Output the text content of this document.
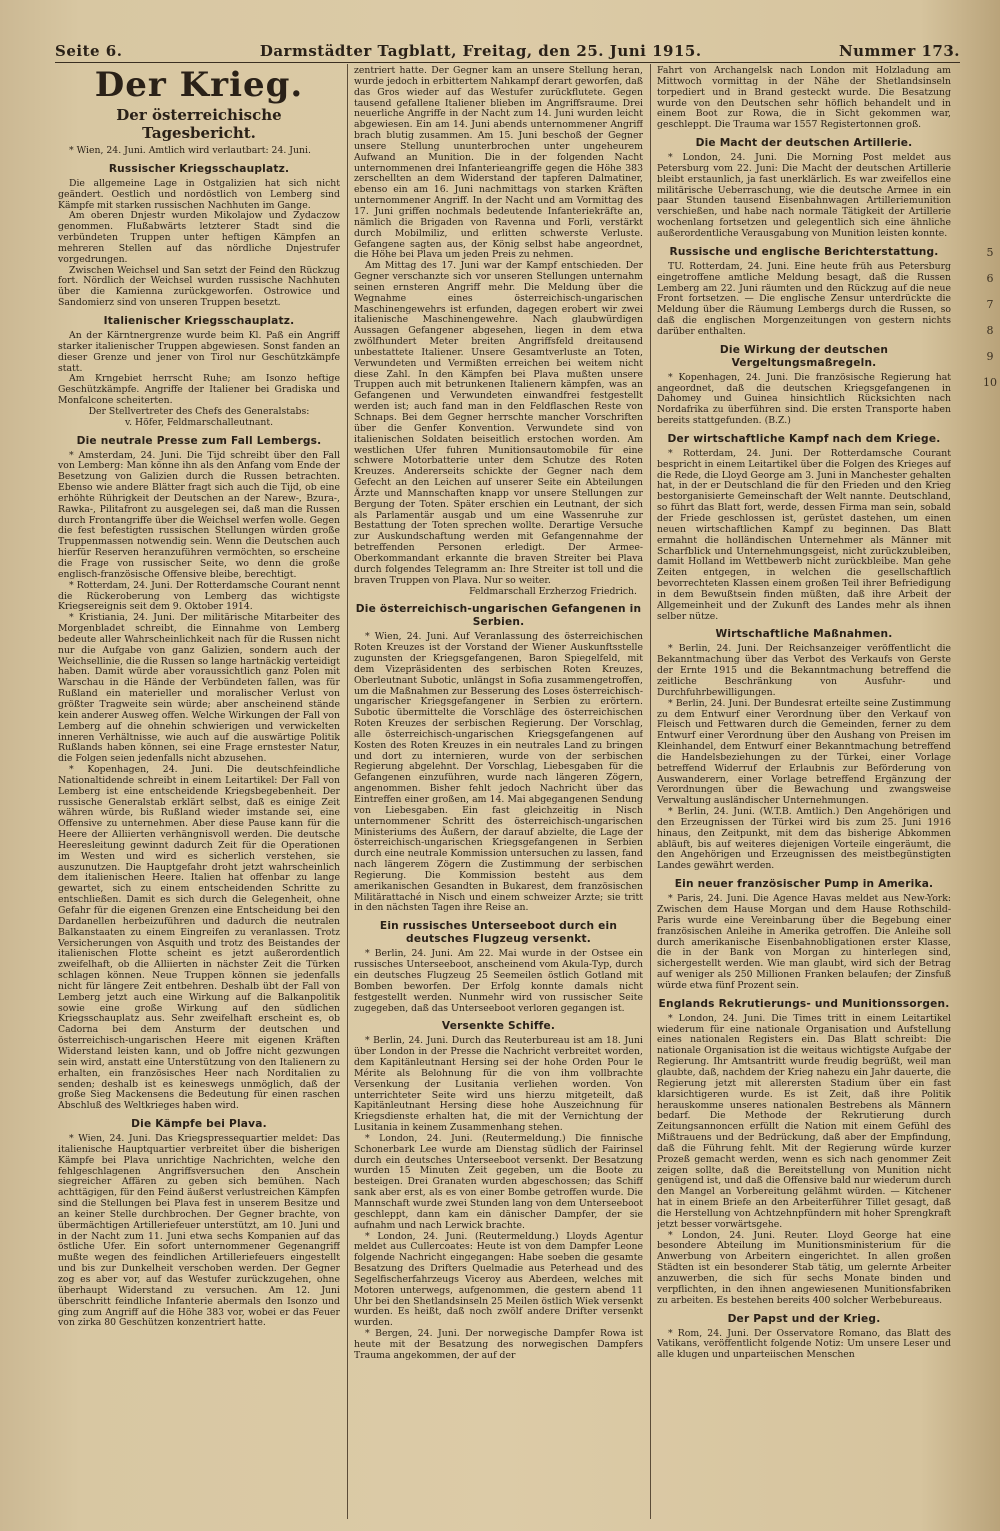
Seite 6.	Darmstädter Tagblatt, Freitag, den 25. Juni 1915.	Nummer 173.
Der Krieg.
Der österreichische Tagesbericht.

* Wien, 24. Juni. Amtlich wird verlautbart: 24. Juni.

Russischer Kriegsschauplatz.

Die allgemeine Lage in Ostgalizien hat sich nicht geändert. Oestlich und nordöstlich von Lemberg sind Kämpfe mit starken russischen Nachhuten im Gange.

Am oberen Dnjestr wurden Mikolajow und Zydaczow genommen. Flußabwärts letzterer Stadt sind die verbündeten Truppen unter heftigen Kämpfen an mehreren Stellen auf das nördliche Dnjestrufer vorgedrungen.

Zwischen Weichsel und San setzt der Feind den Rückzug fort. Nördlich der Weichsel wurden russische Nachhuten über die Kamienna zurückgeworfen. Ostrowice und Sandomierz sind von unseren Truppen besetzt.

Italienischer Kriegsschauplatz.

An der Kärntnergrenze wurde beim Kl. Paß ein Angriff starker italienischer Truppen abgewiesen. Sonst fanden an dieser Grenze und jener von Tirol nur Geschützkämpfe statt.

Am Krngebiet herrscht Ruhe; am Isonzo heftige Geschützkämpfe. Angriffe der Italiener bei Gradiska und Monfalcone scheiterten.

Der Stellvertreter des Chefs des Generalstabs:

v. Höfer, Feldmarschalleutnant.

Die neutrale Presse zum Fall Lembergs.

* Amsterdam, 24. Juni. Die Tijd schreibt über den Fall von Lemberg: Man könne ihn als den Anfang vom Ende der Besetzung von Galizien durch die Russen betrachten. Ebenso wie andere Blätter fragt sich auch die Tijd, ob eine erhöhte Rührigkeit der Deutschen an der Narew-, Bzura-, Rawka-, Pilitafront zu ausgelegen sei, daß man die Russen durch Frontangriffe über die Weichsel werfen wolle. Gegen die fest befestigten russischen Stellungen würden große Truppenmassen notwendig sein. Wenn die Deutschen auch hierfür Reserven heranzuführen vermöchten, so erscheine die Frage von russischer Seite, wo denn die große englisch-französische Offensive bleibe, berechtigt.

* Rotterdam, 24. Juni. Der Rotterdamsche Courant nennt die Rückeroberung von Lemberg das wichtigste Kriegsereignis seit dem 9. Oktober 1914.

* Kristiania, 24. Juni. Der militärische Mitarbeiter des Morgenbladet schreibt, die Einnahme von Lemberg bedeute aller Wahrscheinlichkeit nach für die Russen nicht nur die Aufgabe von ganz Galizien, sondern auch der Weichsellinie, die die Russen so lange hartnäckig verteidigt haben. Damit würde aber voraussichtlich ganz Polen mit Warschau in die Hände der Verbündeten fallen, was für Rußland ein materieller und moralischer Verlust von größter Tragweite sein würde; aber anscheinend stände kein anderer Ausweg offen. Welche Wirkungen der Fall von Lemberg auf die ohnehin schwierigen und verwickelten inneren Verhältnisse, wie auch auf die auswärtige Politik Rußlands haben können, sei eine Frage ernstester Natur, die Folgen seien jedenfalls nicht abzusehen.

* Kopenhagen, 24. Juni. Die deutschfeindliche Nationaltidende schreibt in einem Leitartikel: Der Fall von Lemberg ist eine entscheidende Kriegsbegebenheit. Der russische Generalstab erklärt selbst, daß es einige Zeit währen würde, bis Rußland wieder imstande sei, eine Offensive zu unternehmen. Aber diese Pause kann für die Heere der Alliierten verhängnisvoll werden. Die deutsche Heeresleitung gewinnt dadurch Zeit für die Operationen im Westen und wird es sicherlich verstehen, sie auszunutzen. Die Hauptgefahr droht jetzt wahrscheinlich dem italienischen Heere. Italien hat offenbar zu lange gewartet, sich zu einem entscheidenden Schritte zu entschließen. Damit es sich durch die Gelegenheit, ohne Gefahr für die eigenen Grenzen eine Entscheidung bei den Dardanellen herbeizuführen und dadurch die neutralen Balkanstaaten zu einem Eingreifen zu veranlassen. Trotz Versicherungen von Asquith und trotz des Beistandes der italienischen Flotte scheint es jetzt außerordentlich zweifelhaft, ob die Alliierten in nächster Zeit die Türken schlagen können. Neue Truppen können sie jedenfalls nicht für längere Zeit entbehren. Deshalb übt der Fall von Lemberg jetzt auch eine Wirkung auf die Balkanpolitik sowie eine große Wirkung auf den südlichen Kriegsschauplatz aus. Sehr zweifelhaft erscheint es, ob Cadorna bei dem Ansturm der deutschen und österreichisch-ungarischen Heere mit eigenen Kräften Widerstand leisten kann, und ob Joffre nicht gezwungen sein wird, anstatt eine Unterstützung von den Italienern zu erhalten, ein französisches Heer nach Norditalien zu senden; deshalb ist es keineswegs unmöglich, daß der große Sieg Mackensens die Bedeutung für einen raschen Abschluß des Weltkrieges haben wird.

Die Kämpfe bei Plava.

* Wien, 24. Juni. Das Kriegspressequartier meldet: Das italienische Hauptquartier verbreitet über die bisherigen Kämpfe bei Plava unrichtige Nachrichten, welche den fehlgeschlagenen Angriffsversuchen den Anschein siegreicher Affären zu geben sich bemühen. Nach achttägigen, für den Feind äußerst verlustreichen Kämpfen sind die Stellungen bei Plava fest in unserem Besitze und an keiner Stelle durchbrochen. Der Gegner brachte, von übermächtigen Artilleriefeuer unterstützt, am 10. Juni und in der Nacht zum 11. Juni etwa sechs Kompanien auf das östliche Ufer. Ein sofort unternommener Gegenangriff mußte wegen des feindlichen Artilleriefeuers eingestellt und bis zur Dunkelheit verschoben werden. Der Gegner zog es aber vor, auf das Westufer zurückzugehen, ohne überhaupt Widerstand zu versuchen. Am 12. Juni überschritt feindliche Infanterie abermals den Isonzo und ging zum Angriff auf die Höhe 383 vor, wobei er das Feuer von zirka 80 Geschützen konzentriert hatte.

zentriert hatte. Der Gegner kam an unsere Stellung heran, wurde jedoch in erbittertem Nahkampf derart geworfen, daß das Gros wieder auf das Westufer zurückflutete. Gegen tausend gefallene Italiener blieben im Angriffsraume. Drei neuerliche Angriffe in der Nacht zum 14. Juni wurden leicht abgewiesen. Ein am 14. Juni abends unternommener Angriff brach blutig zusammen. Am 15. Juni beschoß der Gegner unsere Stellung ununterbrochen unter ungeheurem Aufwand an Munition. Die in der folgenden Nacht unternommenen drei Infanterieangriffe gegen die Höhe 383 zerschellten an dem Widerstand der tapferen Dalmatiner, ebenso ein am 16. Juni nachmittags von starken Kräften unternommener Angriff. In der Nacht und am Vormittag des 17. Juni griffen nochmals bedeutende Infanteriekräfte an, nämlich die Brigaden von Ravenna und Forli, verstärkt durch Mobilmiliz, und erlitten schwerste Verluste. Gefangene sagten aus, der König selbst habe angeordnet, die Höhe bei Plava um jeden Preis zu nehmen.

Am Mittag des 17. Juni war der Kampf entschieden. Der Gegner verschanzte sich vor unseren Stellungen unternahm seinen ernsteren Angriff mehr. Die Meldung über die Wegnahme eines österreichisch-ungarischen Maschinengewehrs ist erfunden, dagegen erobert wir zwei italienische Maschinengewehre. Nach glaubwürdigen Aussagen Gefangener abgesehen, liegen in dem etwa zwölfhundert Meter breiten Angriffsfeld dreitausend unbestattete Italiener. Unsere Gesamtverluste an Toten, Verwundeten und Vermißten erreichen bei weitem nicht diese Zahl. In den Kämpfen bei Plava mußten unsere Truppen auch mit betrunkenen Italienern kämpfen, was an Gefangenen und Verwundeten einwandfrei festgestellt werden ist; auch fand man in den Feldflaschen Reste von Schnaps. Bei dem Gegner herrschte mancher Vorschriften über die Genfer Konvention. Verwundete sind von italienischen Soldaten beiseitlich erstochen worden. Am westlichen Ufer fuhren Munitionsautomobile für eine schwere Motorbatterie unter dem Schutze des Roten Kreuzes. Andererseits schickte der Gegner nach dem Gefecht an den Leichen auf unserer Seite ein Abteilungen Ärzte und Mannschaften knapp vor unsere Stellungen zur Bergung der Toten. Später erschien ein Leutnant, der sich als Parlamentär ausgab und um eine Wassenruhe zur Bestattung der Toten sprechen wollte. Derartige Versuche zur Auskundschaftung werden mit Gefangennahme der betreffenden Personen erledigt. Der Armee-Oberkommandant erkannte die braven Streiter bei Plava durch folgendes Telegramm an: Ihre Streiter ist toll und die braven Truppen von Plava. Nur so weiter.

Feldmarschall Erzherzog Friedrich.

Die österreichisch-ungarischen Gefangenen in Serbien.

* Wien, 24. Juni. Auf Veranlassung des österreichischen Roten Kreuzes ist der Vorstand der Wiener Auskunftsstelle zugunsten der Kriegsgefangenen, Baron Spiegelfeld, mit dem Vizepräsidenten des serbischen Roten Kreuzes, Oberleutnant Subotic, unlängst in Sofia zusammengetroffen, um die Maßnahmen zur Besserung des Loses österreichisch-ungarischer Kriegsgefangener in Serbien zu erörtern. Subotic übermittelte die Vorschläge des österreichischen Roten Kreuzes der serbischen Regierung. Der Vorschlag, alle österreichisch-ungarischen Kriegsgefangenen auf Kosten des Roten Kreuzes in ein neutrales Land zu bringen und dort zu internieren, wurde von der serbischen Regierung abgelehnt. Der Vorschlag, Liebesgaben für die Gefangenen einzuführen, wurde nach längeren Zögern, angenommen. Bisher fehlt jedoch Nachricht über das Eintreffen einer großen, am 14. Mai abgegangenen Sendung von Liebesgaben. Ein fast gleichzeitig in Nisch unternommener Schritt des österreichisch-ungarischen Ministeriums des Äußern, der darauf abzielte, die Lage der österreichisch-ungarischen Kriegsgefangenen in Serbien durch eine neutrale Kommission untersuchen zu lassen, fand nach längerem Zögern die Zustimmung der serbischen Regierung. Die Kommission besteht aus dem amerikanischen Gesandten in Bukarest, dem französischen Militärattaché in Nisch und einem schweizer Arzte; sie tritt in den nächsten Tagen ihre Reise an.

Ein russisches Unterseeboot durch ein deutsches Flugzeug versenkt.

* Berlin, 24. Juni. Am 22. Mai wurde in der Ostsee ein russisches Unterseeboot, anscheinend vom Akula-Typ, durch ein deutsches Flugzeug 25 Seemeilen östlich Gotland mit Bomben beworfen. Der Erfolg konnte damals nicht festgestellt werden. Nunmehr wird von russischer Seite zugegeben, daß das Unterseeboot verloren gegangen ist.

Versenkte Schiffe.

* Berlin, 24. Juni. Durch das Reuterbureau ist am 18. Juni über London in der Presse die Nachricht verbreitet worden, dem Kapitänleutnant Hersing sei der hohe Orden Pour le Mérite als Belohnung für die von ihm vollbrachte Versenkung der Lusitania verliehen worden. Von unterrichteter Seite wird uns hierzu mitgeteilt, daß Kapitänleutnant Hersing diese hohe Auszeichnung für Kriegsdienste erhalten hat, die mit der Vernichtung der Lusitania in keinem Zusammenhang stehen.

* London, 24. Juni. (Reutermeldung.) Die finnische Schonerbark Lee wurde am Dienstag südlich der Fairinsel durch ein deutsches Unterseeboot versenkt. Der Besatzung wurden 15 Minuten Zeit gegeben, um die Boote zu besteigen. Drei Granaten wurden abgeschossen; das Schiff sank aber erst, als es von einer Bombe getroffen wurde. Die Mannschaft wurde zwei Stunden lang von dem Unterseeboot geschleppt, dann kam ein dänischer Dampfer, der sie aufnahm und nach Lerwick brachte.

* London, 24. Juni. (Reutermeldung.) Lloyds Agentur meldet aus Cullercoates: Heute ist von dem Dampfer Leone folgende Nachricht eingegangen: Habe soeben die gesamte Besatzung des Drifters Quelmadie aus Peterhead und des Segelfischerfahrzeugs Viceroy aus Aberdeen, welches mit Motoren unterwegs, aufgenommen, die gestern abend 11 Uhr bei den Shetlandsinseln 25 Meilen östlich Wiek versenkt wurden. Es heißt, daß noch zwölf andere Drifter versenkt wurden.

* Bergen, 24. Juni. Der norwegische Dampfer Rowa ist heute mit der Besatzung des norwegischen Dampfers Trauma angekommen, der auf der

Fahrt von Archangelsk nach London mit Holzladung am Mittwoch vormittag in der Nähe der Shetlandsinseln torpediert und in Brand gesteckt wurde. Die Besatzung wurde von den Deutschen sehr höflich behandelt und in einem Boot zur Rowa, die in Sicht gekommen war, geschleppt. Die Trauma war 1557 Registertonnen groß.

Die Macht der deutschen Artillerie.

* London, 24. Juni. Die Morning Post meldet aus Petersburg vom 22. Juni: Die Macht der deutschen Artillerie bleibt erstaunlich, ja fast unerklärlich. Es war zweifellos eine militärische Ueberraschung, wie die deutsche Armee in ein paar Stunden tausend Eisenbahnwagen Artilleriemunition verschießen, und habe nach normale Tätigkeit der Artillerie wochenlang fortsetzen und gelegentlich sich eine ähnliche außerordentliche Verausgabung von Munition leisten konnte.

Russische und englische Berichterstattung.

TU. Rotterdam, 24. Juni. Eine heute früh aus Petersburg eingetroffene amtliche Meldung besagt, daß die Russen Lemberg am 22. Juni räumten und den Rückzug auf die neue Front fortsetzen. — Die englische Zensur unterdrückte die Meldung über die Räumung Lembergs durch die Russen, so daß die englischen Morgenzeitungen von gestern nichts darüber enthalten.

Die Wirkung der deutschen Vergeltungsmaßregeln.

* Kopenhagen, 24. Juni. Die französische Regierung hat angeordnet, daß die deutschen Kriegsgefangenen in Dahomey und Guinea hinsichtlich Rücksichten nach Nordafrika zu überführen sind. Die ersten Transporte haben bereits stattgefunden. (B.Z.)

Der wirtschaftliche Kampf nach dem Kriege.

* Rotterdam, 24. Juni. Der Rotterdamsche Courant bespricht in einem Leitartikel über die Folgen des Krieges auf die Rede, die Lloyd George am 3. Juni in Manchester gehalten hat, in der er Deutschland die für den Frieden und den Krieg bestorganisierte Gemeinschaft der Welt nannte. Deutschland, so führt das Blatt fort, werde, dessen Firma man sein, sobald der Friede geschlossen ist, gerüstet dastehen, um einen neuen wirtschaftlichen Kampf zu beginnen. Das Blatt ermahnt die holländischen Unternehmer als Männer mit Scharfblick und Unternehmungsgeist, nicht zurückzubleiben, damit Holland im Wettbewerb nicht zurückbleibe. Man gehe Zeiten entgegen, in welchen die gesellschaftlich bevorrechteten Klassen einem großen Teil ihrer Befriedigung in dem Bewußtsein finden müßten, daß ihre Arbeit der Allgemeinheit und der Zukunft des Landes mehr als ihnen selber nütze.

Wirtschaftliche Maßnahmen.

* Berlin, 24. Juni. Der Reichsanzeiger veröffentlicht die Bekanntmachung über das Verbot des Verkaufs von Gerste der Ernte 1915 und die Bekanntmachung betreffend die zeitliche Beschränkung von Ausfuhr- und Durchfuhrbewilligungen.

* Berlin, 24. Juni. Der Bundesrat erteilte seine Zustimmung zu dem Entwurf einer Verordnung über den Verkauf von Fleisch und Fettwaren durch die Gemeinden, ferner zu dem Entwurf einer Verordnung über den Aushang von Preisen im Kleinhandel, dem Entwurf einer Bekanntmachung betreffend die Handelsbeziehungen zu der Türkei, einer Vorlage betreffend Widerruf der Erlaubnis zur Beförderung von Auswanderern, einer Vorlage betreffend Ergänzung der Verordnungen über die Bewachung und zwangsweise Verwaltung ausländischer Unternehmungen.

* Berlin, 24. Juni. (W.T.B. Amtlich.) Den Angehörigen und den Erzeugnissen der Türkei wird bis zum 25. Juni 1916 hinaus, den Zeitpunkt, mit dem das bisherige Abkommen abläuft, bis auf weiteres diejenigen Vorteile eingeräumt, die den Angehörigen und Erzeugnissen des meistbegünstigten Landes gewährt werden.

Ein neuer französischer Pump in Amerika.

* Paris, 24. Juni. Die Agence Havas meldet aus New-York: Zwischen dem Hause Morgan und dem Hause Rothschild-Paris wurde eine Vereinbarung über die Begebung einer französischen Anleihe in Amerika getroffen. Die Anleihe soll durch amerikanische Eisenbahnobligationen erster Klasse, die in der Bank von Morgan zu hinterlegen sind, sichergestellt werden. Wie man glaubt, wird sich der Betrag auf weniger als 250 Millionen Franken belaufen; der Zinsfuß würde etwa fünf Prozent sein.

Englands Rekrutierungs- und Munitionssorgen.

* London, 24. Juni. Die Times tritt in einem Leitartikel wiederum für eine nationale Organisation und Aufstellung eines nationalen Registers ein. Das Blatt schreibt: Die nationale Organisation ist die weitaus wichtigste Aufgabe der Regierung. Ihr Amtsantritt wurde freudig begrüßt, weil man glaubte, daß, nachdem der Krieg nahezu ein Jahr dauerte, die Regierung jetzt mit allerersten Stadium über ein fast klarsichtigeren wurde. Es ist Zeit, daß ihre Politik herauskomme unseres nationalen Bestrebens als Männern bedarf. Die Methode der Rekrutierung durch Zeitungsannoncen erfüllt die Nation mit einem Gefühl des Mißtrauens und der Bedrückung, daß aber der Empfindung, daß die Führung fehlt. Mit der Regierung würde kurzer Prozeß gemacht werden, wenn es sich nach genommer Zeit zeigen sollte, daß die Bereitstellung von Munition nicht genügend ist, und daß die Offensive bald nur wiederum durch den Mangel an Vorbereitung gelähmt würden. — Kitchener hat in einem Briefe an den Arbeiterführer Tillet gesagt, daß die Herstellung von Achtzehnpfündern mit hoher Sprengkraft jetzt besser vorwärtsgehe.

* London, 24. Juni. Reuter. Lloyd George hat eine besondere Abteilung im Munitionsministerium für die Anwerbung von Arbeitern eingerichtet. In allen großen Städten ist ein besonderer Stab tätig, um gelernte Arbeiter anzuwerben, die sich für sechs Monate binden und verpflichten, in den ihnen angewiesenen Munitionsfabriken zu arbeiten. Es bestehen bereits 400 solcher Werbebureaus.

Der Papst und der Krieg.

* Rom, 24. Juni. Der Osservatore Romano, das Blatt des Vatikans, veröffentlicht folgende Notiz: Um unsere Leser und alle klugen und unparteiischen Menschen

5
6
7
8
9
10
